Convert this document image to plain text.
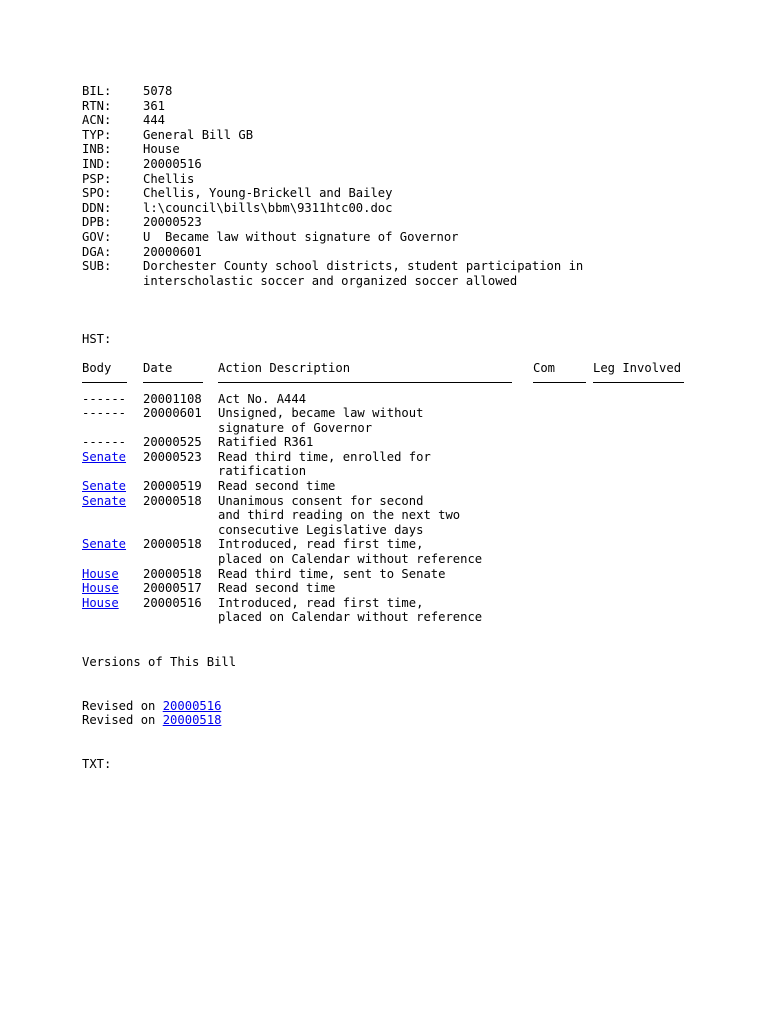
BIL:	5078
RTN:	361
ACN:	444
TYP:	General Bill GB
INB:	House
IND:	20000516
PSP:	Chellis
SPO:	Chellis, Young-Brickell and Bailey
DDN:	l:\council\bills\bbm\9311htc00.doc
DPB:	20000523
GOV:	U  Became law without signature of Governor
DGA:	20000601
SUB:	Dorchester County school districts, student participation in
interscholastic soccer and organized soccer allowed
HST:
Body	Date	Action Description	Com	Leg Involved
------	20001108	Act No. A444
------	20000601	Unsigned, became law without
signature of Governor
------	20000525	Ratified R361
Senate	20000523	Read third time, enrolled for
ratification
Senate	20000519	Read second time
Senate	20000518	Unanimous consent for second
and third reading on the next two
consecutive Legislative days
Senate	20000518	Introduced, read first time,
placed on Calendar without reference
House	20000518	Read third time, sent to Senate
House	20000517	Read second time
House	20000516	Introduced, read first time,
placed on Calendar without reference
Versions of This Bill
Revised on 20000516
Revised on 20000518
TXT:
